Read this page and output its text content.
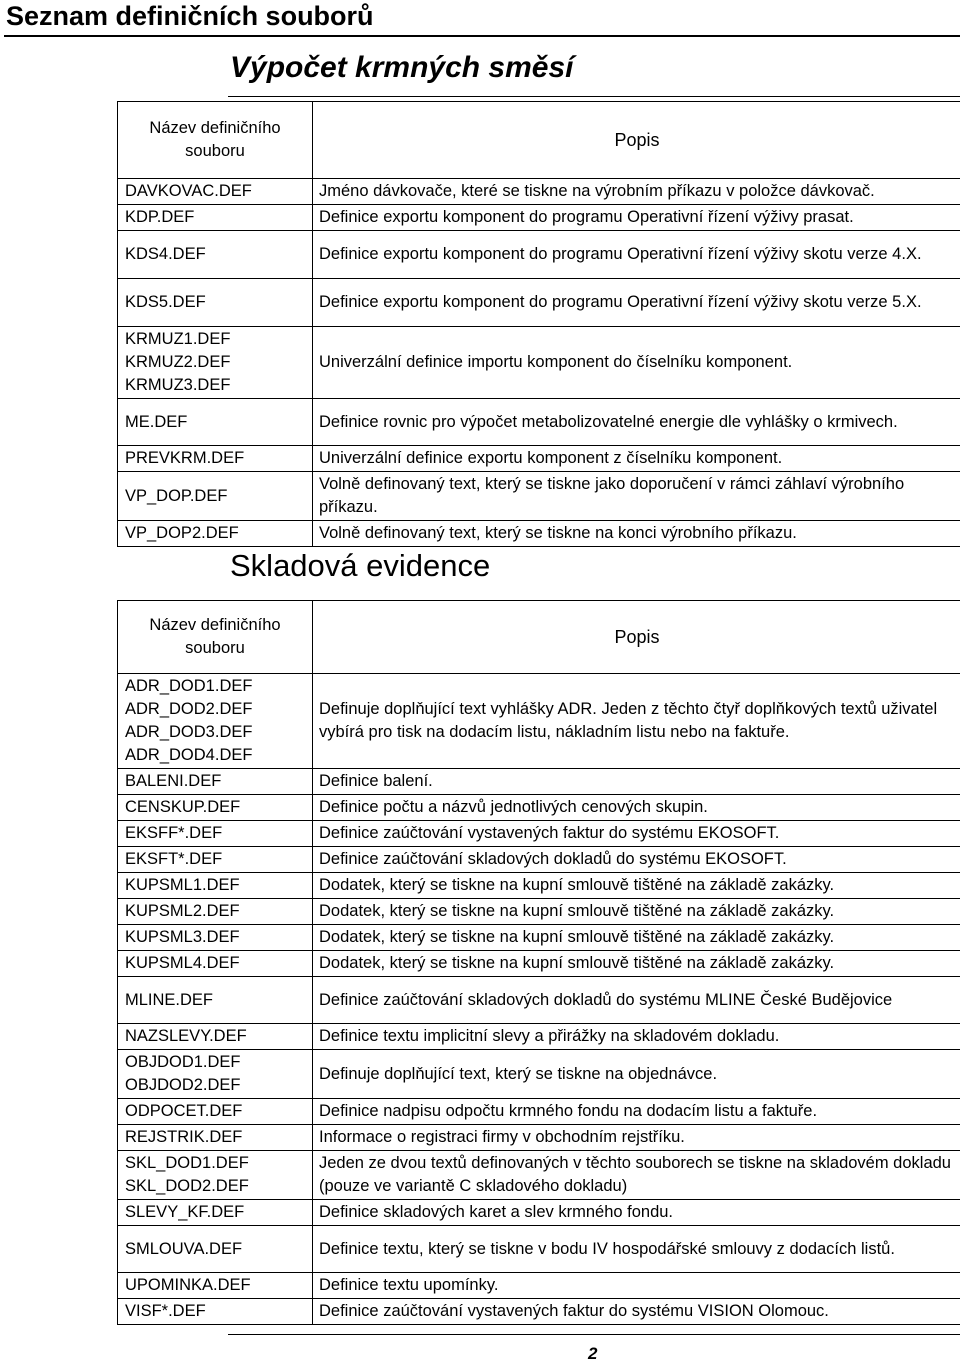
Seznam definičních souborů
Výpočet krmných směsí
Název definičního souboru	Popis

DAVKOVAC.DEF	Jméno dávkovače, které se tiskne na výrobním příkazu v položce dávkovač.

KDP.DEF	Definice exportu komponent do programu Operativní řízení výživy prasat.

KDS4.DEF	Definice exportu komponent do programu Operativní řízení výživy skotu verze 4.X.

KDS5.DEF	Definice exportu komponent do programu Operativní řízení výživy skotu verze 5.X.

KRMUZ1.DEF
KRMUZ2.DEF
KRMUZ3.DEF	Univerzální definice importu komponent do číselníku komponent.

ME.DEF	Definice rovnic pro výpočet metabolizovatelné energie dle vyhlášky o krmivech.

PREVKRM.DEF	Univerzální definice exportu komponent z číselníku komponent.

VP_DOP.DEF	Volně definovaný text, který se tiskne jako doporučení v rámci záhlaví výrobního příkazu.

VP_DOP2.DEF	Volně definovaný text, který se tiskne na konci výrobního příkazu.
Skladová evidence
Název definičního souboru	Popis

ADR_DOD1.DEF
ADR_DOD2.DEF
ADR_DOD3.DEF
ADR_DOD4.DEF	Definuje doplňující text vyhlášky ADR. Jeden z těchto čtyř doplňkových textů uživatel vybírá pro tisk na dodacím listu, nákladním listu nebo na faktuře.

BALENI.DEF	Definice balení.

CENSKUP.DEF	Definice počtu a názvů jednotlivých cenových skupin.

EKSFF*.DEF	Definice zaúčtování vystavených faktur do systému EKOSOFT.

EKSFT*.DEF	Definice zaúčtování skladových dokladů do systému EKOSOFT.

KUPSML1.DEF	Dodatek, který se tiskne na kupní smlouvě tištěné na základě zakázky.

KUPSML2.DEF	Dodatek, který se tiskne na kupní smlouvě tištěné na základě zakázky.

KUPSML3.DEF	Dodatek, který se tiskne na kupní smlouvě tištěné na základě zakázky.

KUPSML4.DEF	Dodatek, který se tiskne na kupní smlouvě tištěné na základě zakázky.

MLINE.DEF	Definice zaúčtování skladových dokladů do systému MLINE České Budějovice

NAZSLEVY.DEF	Definice textu implicitní slevy a přirážky na skladovém dokladu.

OBJDOD1.DEF
OBJDOD2.DEF	Definuje doplňující text, který se tiskne na objednávce.

ODPOCET.DEF	Definice nadpisu odpočtu krmného fondu na dodacím listu a faktuře.

REJSTRIK.DEF	Informace o registraci firmy v obchodním rejstříku.

SKL_DOD1.DEF
SKL_DOD2.DEF	Jeden ze dvou textů definovaných v těchto souborech se tiskne na skladovém dokladu (pouze ve variantě C skladového dokladu)

SLEVY_KF.DEF	Definice skladových karet a slev krmného fondu.

SMLOUVA.DEF	Definice textu, který se tiskne v bodu IV hospodářské smlouvy z dodacích listů.

UPOMINKA.DEF	Definice textu upomínky.

VISF*.DEF	Definice zaúčtování vystavených faktur do systému VISION Olomouc.
2
